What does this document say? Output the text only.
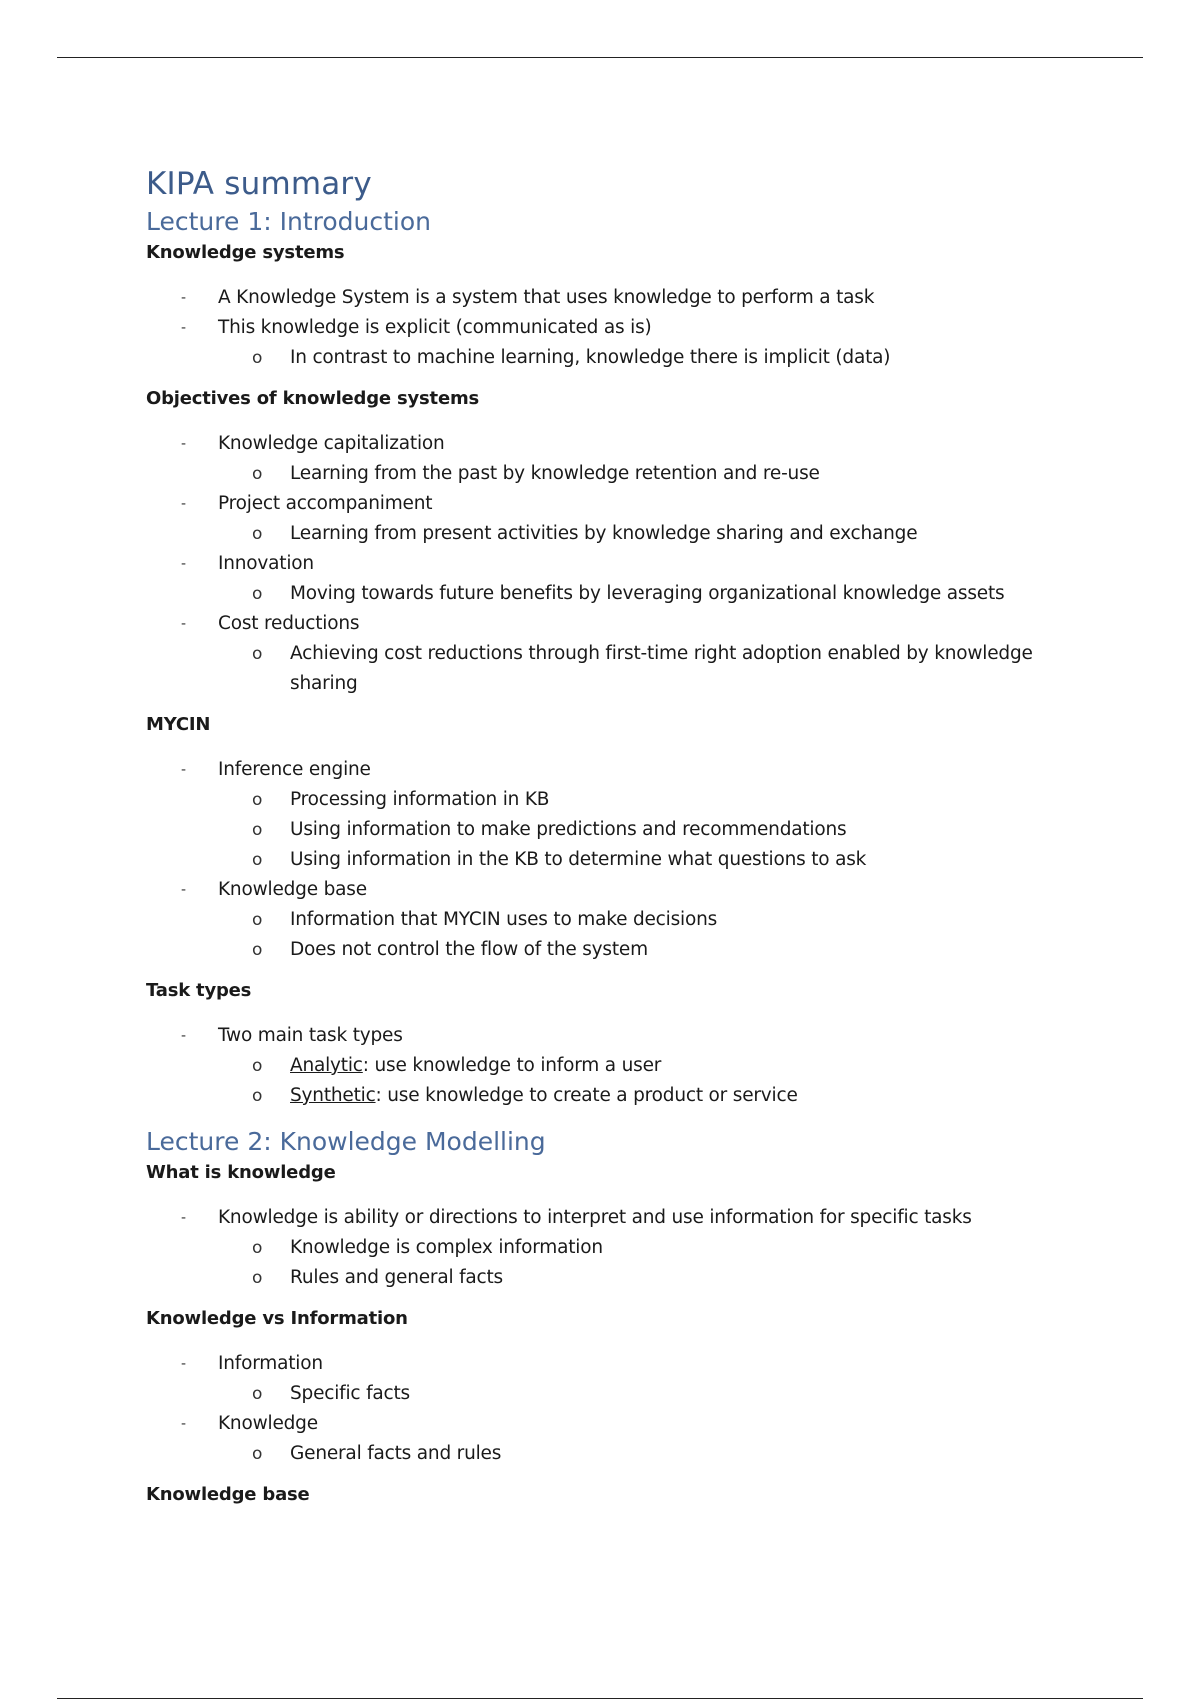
KIPA summary
Lecture 1: Introduction
Knowledge systems
- A Knowledge System is a system that uses knowledge to perform a task
- This knowledge is explicit (communicated as is)
o In contrast to machine learning, knowledge there is implicit (data)
Objectives of knowledge systems
- Knowledge capitalization
o Learning from the past by knowledge retention and re-use
- Project accompaniment
o Learning from present activities by knowledge sharing and exchange
- Innovation
o Moving towards future benefits by leveraging organizational knowledge assets
- Cost reductions
o Achieving cost reductions through first-time right adoption enabled by knowledge sharing
MYCIN
- Inference engine
o Processing information in KB
o Using information to make predictions and recommendations
o Using information in the KB to determine what questions to ask
- Knowledge base
o Information that MYCIN uses to make decisions
o Does not control the flow of the system
Task types
- Two main task types
o Analytic: use knowledge to inform a user
o Synthetic: use knowledge to create a product or service
Lecture 2: Knowledge Modelling
What is knowledge
- Knowledge is ability or directions to interpret and use information for specific tasks
o Knowledge is complex information
o Rules and general facts
Knowledge vs Information
- Information
o Specific facts
- Knowledge
o General facts and rules
Knowledge base
